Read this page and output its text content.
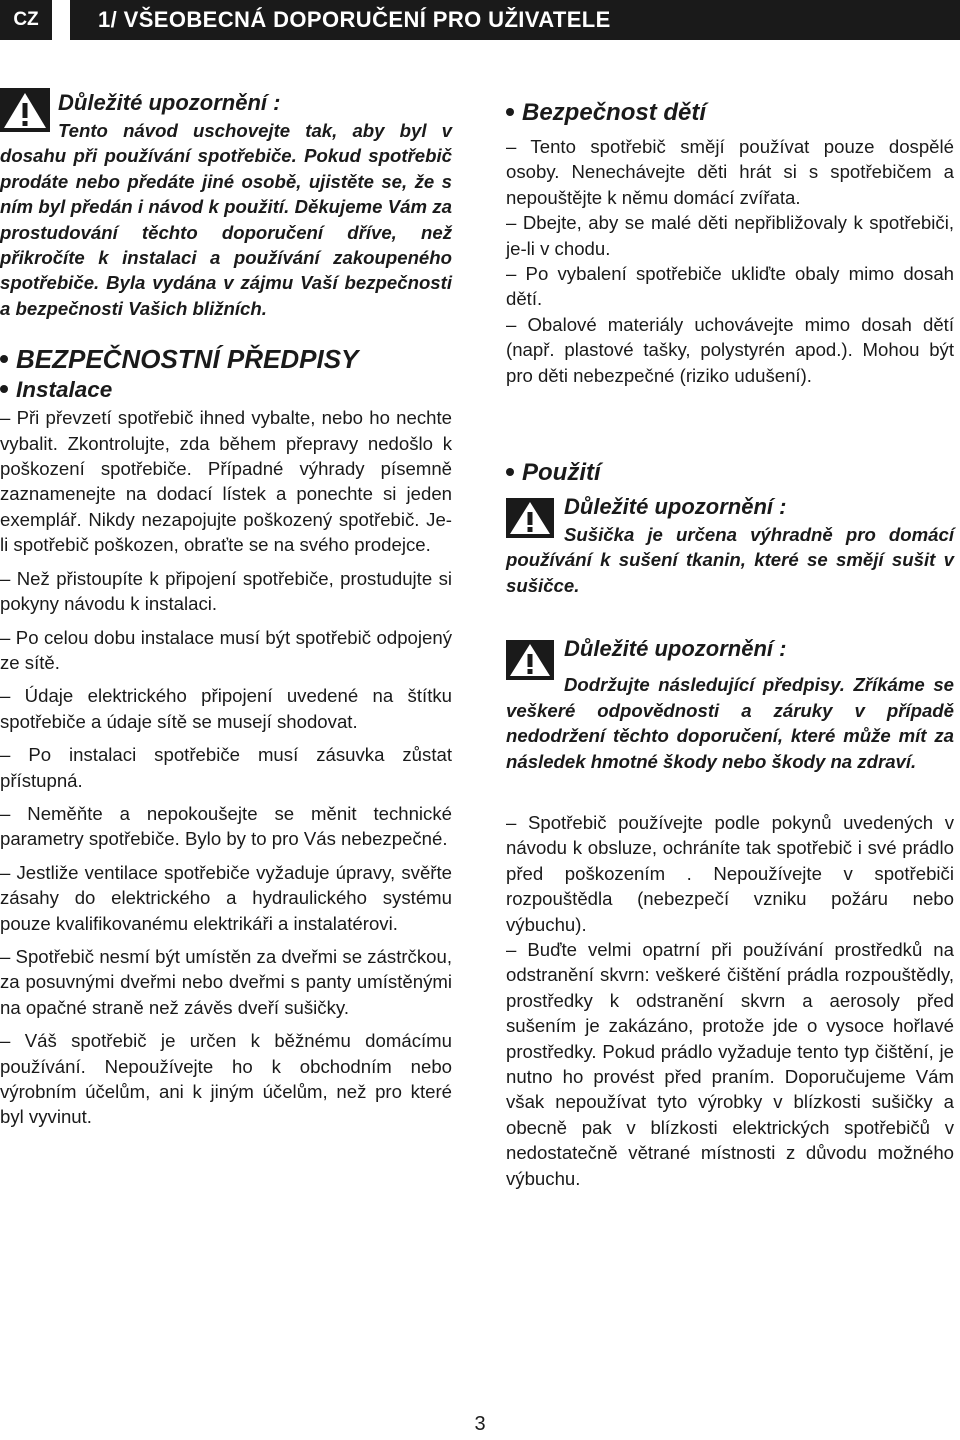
CZ	1/ VŠEOBECNÁ DOPORUČENÍ PRO UŽIVATELE
Důležité upozornění :

Tento návod uschovejte tak, aby byl v dosahu při používání spotřebiče. Pokud spotřebič prodáte nebo předáte jiné osobě, ujistěte se, že s ním byl předán i návod k použití. Děkujeme Vám za prostudování těchto doporučení dříve, než přikročíte k instalaci a používání zakoupeného spotřebiče. Byla vydána v zájmu Vaší bezpečnosti a bezpečnosti Vašich bližních.

BEZPEČNOSTNÍ PŘEDPISY
Instalace

– Při převzetí spotřebič ihned vybalte, nebo ho nechte vybalit. Zkontrolujte, zda během přepravy nedošlo k poškození spotřebiče. Případné výhrady písemně zaznamenejte na dodací lístek a ponechte si jeden exemplář. Nikdy nezapojujte poškozený spotřebič. Je-li spotřebič poškozen, obraťte se na svého prodejce.

– Než přistoupíte k připojení spotřebiče, prostudujte si pokyny návodu k instalaci.

– Po celou dobu instalace musí být spotřebič odpojený ze sítě.

– Údaje elektrického připojení uvedené na štítku spotřebiče a údaje sítě se musejí shodovat.

– Po instalaci spotřebiče musí zásuvka zůstat přístupná.

– Neměňte a nepokoušejte se měnit technické parametry spotřebiče. Bylo by to pro Vás nebezpečné.

– Jestliže ventilace spotřebiče vyžaduje úpravy, svěřte zásahy do elektrického a hydraulického systému pouze kvalifikovanému elektrikáři a instalatérovi.

– Spotřebič nesmí být umístěn za dveřmi se zástrčkou, za posuvnými dveřmi nebo dveřmi s panty umístěnými na opačné straně než závěs dveří sušičky.

– Váš spotřebič je určen k běžnému domácímu používání. Nepoužívejte ho k obchodním nebo výrobním účelům, ani k jiným účelům, než pro které byl vyvinut.

Bezpečnost dětí

– Tento spotřebič smějí používat pouze dospělé osoby. Nenechávejte děti hrát si s spotřebičem a nepouštějte k němu domácí zvířata.

– Dbejte, aby se malé děti nepřibližovaly k spotřebiči, je-li v chodu.

– Po vybalení spotřebiče ukliďte obaly mimo dosah dětí.

– Obalové materiály uchovávejte mimo dosah dětí (např. plastové tašky, polystyrén apod.). Mohou být pro děti nebezpečné (riziko udušení).

Použití
Důležité upozornění :

Sušička je určena výhradně pro domácí používání k sušení tkanin, které se smějí sušit v sušičce.

Důležité upozornění :

Dodržujte následující předpisy. Zříkáme se veškeré odpovědnosti a záruky v případě nedodržení těchto doporučení, které může mít za následek hmotné škody nebo škody na zdraví.

– Spotřebič používejte podle pokynů uvedených v návodu k obsluze, ochráníte tak spotřebič i své prádlo před poškozením . Nepoužívejte v spotřebiči rozpouštědla (nebezpečí vzniku požáru nebo výbuchu).

– Buďte velmi opatrní při používání prostředků na odstranění skvrn: veškeré čištění prádla rozpouštědly, prostředky k odstranění skvrn a aerosoly před sušením je zakázáno, protože jde o vysoce hořlavé prostředky. Pokud prádlo vyžaduje tento typ čištění, je nutno ho provést před praním. Doporučujeme Vám však nepoužívat tyto výrobky v blízkosti sušičky a obecně pak v blízkosti elektrických spotřebičů v nedostatečně větrané místnosti z důvodu možného výbuchu.

3
